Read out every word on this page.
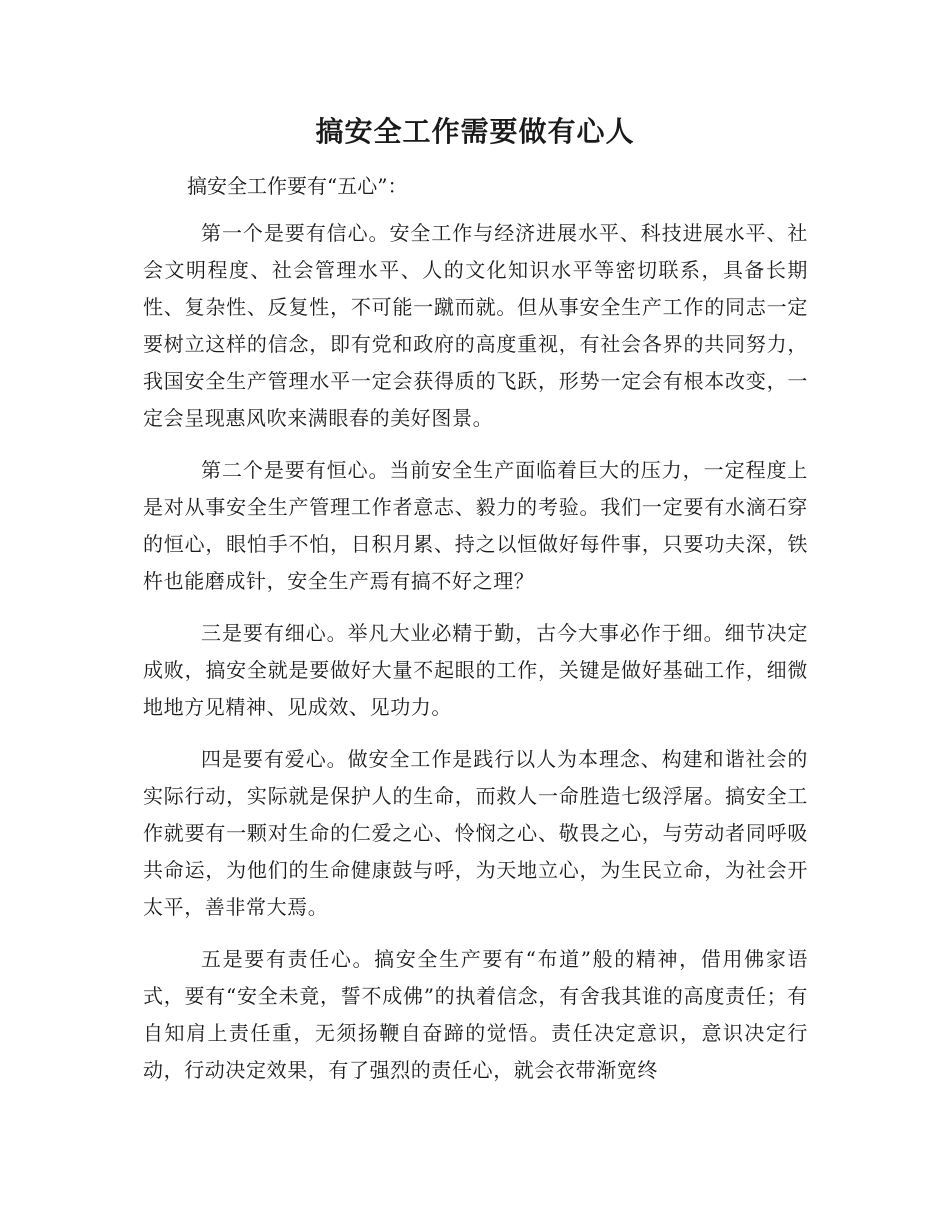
搞安全工作需要做有心人

搞安全工作要有“五心”：

第一个是要有信心。安全工作与经济进展水平、科技进展水平、社会文明程度、社会管理水平、人的文化知识水平等密切联系，具备长期性、复杂性、反复性，不可能一蹴而就。但从事安全生产工作的同志一定要树立这样的信念，即有党和政府的高度重视，有社会各界的共同努力，我国安全生产管理水平一定会获得质的飞跃，形势一定会有根本改变，一定会呈现惠风吹来满眼春的美好图景。

第二个是要有恒心。当前安全生产面临着巨大的压力，一定程度上是对从事安全生产管理工作者意志、毅力的考验。我们一定要有水滴石穿的恒心，眼怕手不怕，日积月累、持之以恒做好每件事，只要功夫深，铁杵也能磨成针，安全生产焉有搞不好之理？

三是要有细心。举凡大业必精于勤，古今大事必作于细。细节决定成败，搞安全就是要做好大量不起眼的工作，关键是做好基础工作，细微地地方见精神、见成效、见功力。

四是要有爱心。做安全工作是践行以人为本理念、构建和谐社会的实际行动，实际就是保护人的生命，而救人一命胜造七级浮屠。搞安全工作就要有一颗对生命的仁爱之心、怜悯之心、敬畏之心，与劳动者同呼吸共命运，为他们的生命健康鼓与呼，为天地立心，为生民立命，为社会开太平，善非常大焉。

五是要有责任心。搞安全生产要有“布道”般的精神，借用佛家语式，要有“安全未竟，誓不成佛”的执着信念，有舍我其谁的高度责任；有自知肩上责任重，无须扬鞭自奋蹄的觉悟。责任决定意识，意识决定行动，行动决定效果，有了强烈的责任心，就会衣带渐宽终
